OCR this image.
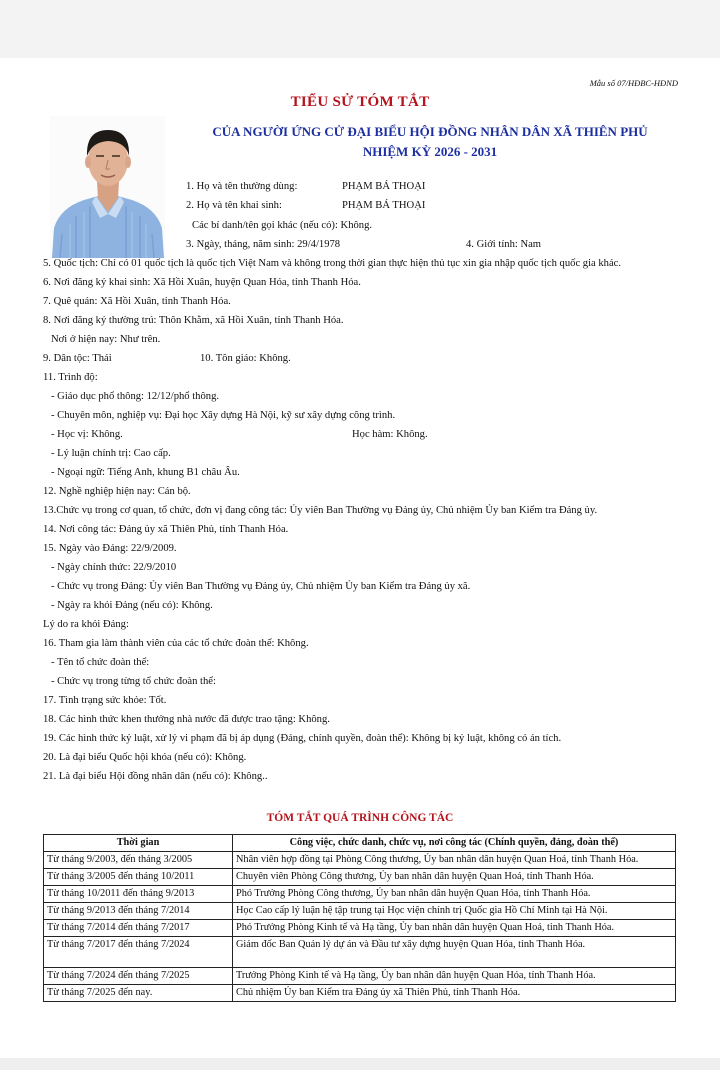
Mẫu số 07/HĐBC-HĐND
TIỂU SỬ TÓM TẮT
CỦA NGƯỜI ỨNG CỬ ĐẠI BIỂU HỘI ĐỒNG NHÂN DÂN XÃ THIÊN PHỦ
NHIỆM KỲ 2026 - 2031
1. Họ và tên thường dùng:	PHẠM BÁ THOẠI
2. Họ và tên khai sinh:	PHẠM BÁ THOẠI
Các bí danh/tên gọi khác (nếu có): Không.
3. Ngày, tháng, năm sinh: 29/4/1978	4. Giới tính: Nam
5. Quốc tịch: Chỉ có 01 quốc tịch là quốc tịch Việt Nam và không trong thời gian thực hiện thủ tục xin gia nhập quốc tịch quốc gia khác.
6. Nơi đăng ký khai sinh: Xã Hồi Xuân, huyện Quan Hóa, tỉnh Thanh Hóa.
7. Quê quán: Xã Hồi Xuân, tỉnh Thanh Hóa.
8. Nơi đăng ký thường trú: Thôn Khằm, xã Hồi Xuân, tỉnh Thanh Hóa.
Nơi ở hiện nay: Như trên.
9. Dân tộc: Thái	10. Tôn giáo: Không.
11. Trình độ:
- Giáo dục phổ thông: 12/12/phổ thông.
- Chuyên môn, nghiệp vụ: Đại học Xây dựng Hà Nội, kỹ sư xây dựng công trình.
- Học vị: Không.	Học hàm: Không.
- Lý luận chính trị: Cao cấp.
- Ngoại ngữ: Tiếng Anh, khung B1 châu Âu.
12. Nghề nghiệp hiện nay: Cán bộ.
13.Chức vụ trong cơ quan, tổ chức, đơn vị đang công tác: Ủy viên Ban Thường vụ Đảng ủy, Chủ nhiệm Ủy ban Kiểm tra Đảng ủy.
14. Nơi công tác: Đảng ủy xã Thiên Phủ, tỉnh Thanh Hóa.
15. Ngày vào Đảng: 22/9/2009.
- Ngày chính thức: 22/9/2010
- Chức vụ trong Đảng: Ủy viên Ban Thường vụ Đảng ủy, Chủ nhiệm Ủy ban Kiểm tra Đảng ủy xã.
- Ngày ra khỏi Đảng (nếu có): Không.
Lý do ra khỏi Đảng:
16. Tham gia làm thành viên của các tổ chức đoàn thể: Không.
- Tên tổ chức đoàn thể:
- Chức vụ trong từng tổ chức đoàn thể:
17. Tình trạng sức khỏe: Tốt.
18. Các hình thức khen thưởng nhà nước đã được trao tặng: Không.
19. Các hình thức kỷ luật, xử lý vi phạm đã bị áp dụng (Đảng, chính quyền, đoàn thể): Không bị kỷ luật, không có án tích.
20. Là đại biểu Quốc hội khóa (nếu có): Không.
21. Là đại biểu Hội đồng nhân dân (nếu có): Không..
TÓM TẮT QUÁ TRÌNH CÔNG TÁC
Thời gian	Công việc, chức danh, chức vụ, nơi công tác (Chính quyền, đảng, đoàn thể)
Từ tháng 9/2003, đến tháng 3/2005	Nhân viên hợp đồng tại Phòng Công thương, Ủy ban nhân dân huyện Quan Hoá, tỉnh Thanh Hóa.
Từ tháng 3/2005 đến tháng 10/2011	Chuyên viên Phòng Công thương, Ủy ban nhân dân huyện Quan Hoá, tỉnh Thanh Hóa.
Từ tháng 10/2011 đến tháng 9/2013	Phó Trưởng Phòng Công thương, Ủy ban nhân dân huyện Quan Hóa, tỉnh Thanh Hóa.
Từ tháng 9/2013 đến tháng 7/2014	Học Cao cấp lý luận hệ tập trung tại Học viện chính trị Quốc gia Hồ Chí Minh tại Hà Nội.
Từ tháng 7/2014 đến tháng 7/2017	Phó Trưởng Phòng Kinh tế và Hạ tầng, Ủy ban nhân dân huyện Quan Hoá, tỉnh Thanh Hóa.
Từ tháng 7/2017 đến tháng 7/2024	Giám đốc Ban Quản lý dự án và Đầu tư xây dựng huyện Quan Hóa, tỉnh Thanh Hóa.
Từ tháng 7/2024 đến tháng 7/2025	Trưởng Phòng Kinh tế và Hạ tầng, Ủy ban nhân dân huyện Quan Hóa, tỉnh Thanh Hóa.
Từ tháng 7/2025 đến nay.	Chủ nhiệm Ủy ban Kiểm tra Đảng ủy xã Thiên Phủ, tỉnh Thanh Hóa.
